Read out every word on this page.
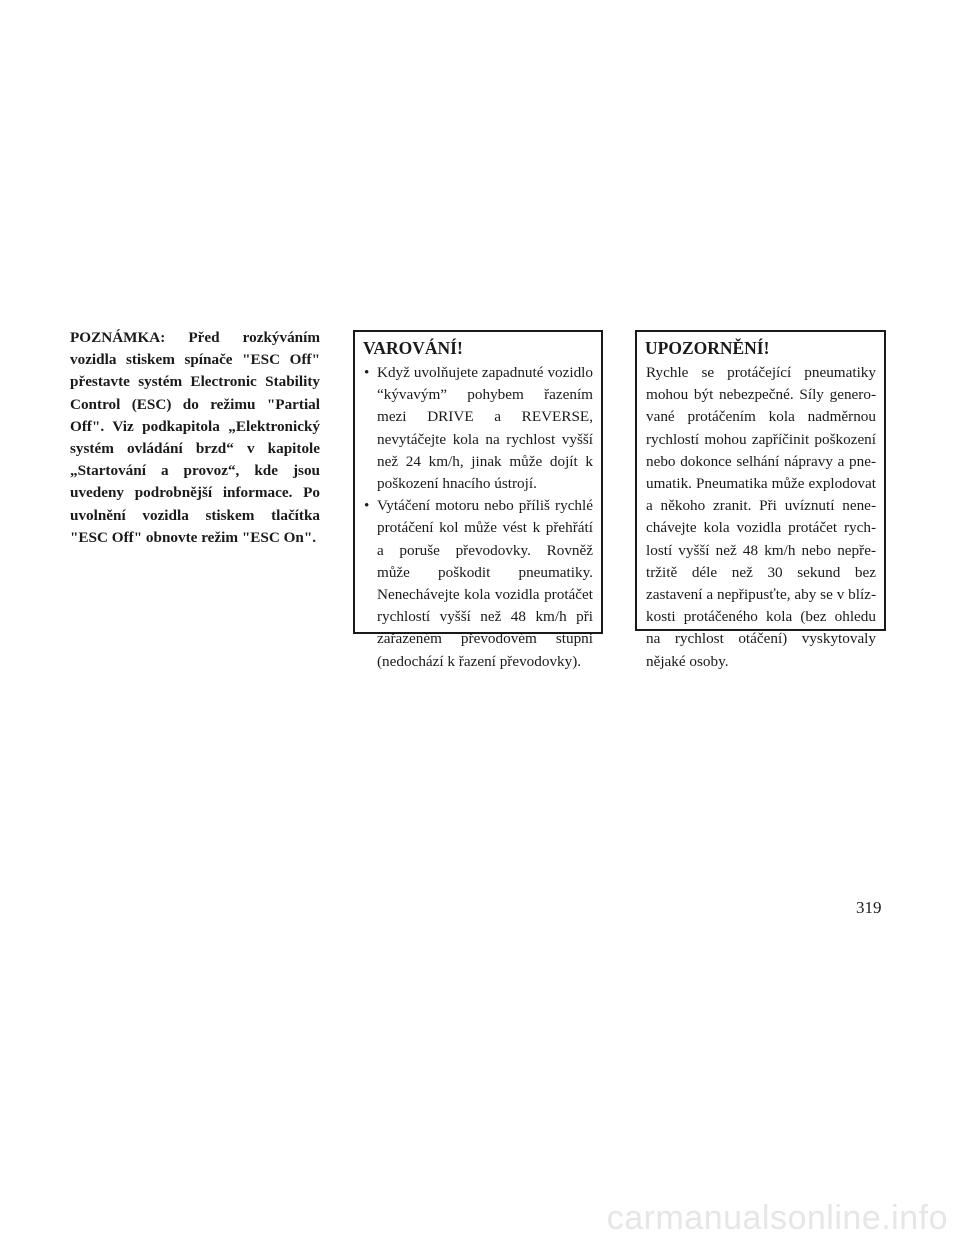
POZNÁMKA: Před rozkýváním vozidla stiskem spínače "ESC Off" přestavte systém Electronic Stability Control (ESC) do režimu "Partial Off". Viz podkapitola „Elektronický systém ovládání brzd“ v kapitole „Startování a provoz“, kde jsou uvedeny podrobnější informace. Po uvolnění vozidla stiskem tlačítka "ESC Off" obnovte režim "ESC On".

VAROVÁNÍ!
• Když uvolňujete zapadnuté vozidlo “kývavým” pohybem řazením mezi DRIVE a REVERSE, nevytáčejte kola na rychlost vyšší než 24 km/h, jinak může dojít k poškození hnacího ústrojí.
• Vytáčení motoru nebo příliš rychlé protáčení kol může vést k přehřátí a poruše převodovky. Rovněž může poškodit pneumatiky. Nenechávejte kola vozidla protáčet rychlostí vyšší než 48 km/h při zařazeném převodovém stupni (nedochází k řazení převodovky).
UPOZORNĚNÍ!

Rychle se protáčející pneumatiky mohou být nebezpečné. Síly generované protáčením kola nadměrnou rychlostí mohou zapříčinit poškození nebo dokonce selhání nápravy a pneumatik. Pneumatika může explodovat a někoho zranit. Při uvíznutí nenechávejte kola vozidla protáčet rychlostí vyšší než 48 km/h nebo nepřetržitě déle než 30 sekund bez zastavení a nepřipusťte, aby se v blízkosti protáčeného kola (bez ohledu na rychlost otáčení) vyskytovaly nějaké osoby.

319

carmanualsonline.info
